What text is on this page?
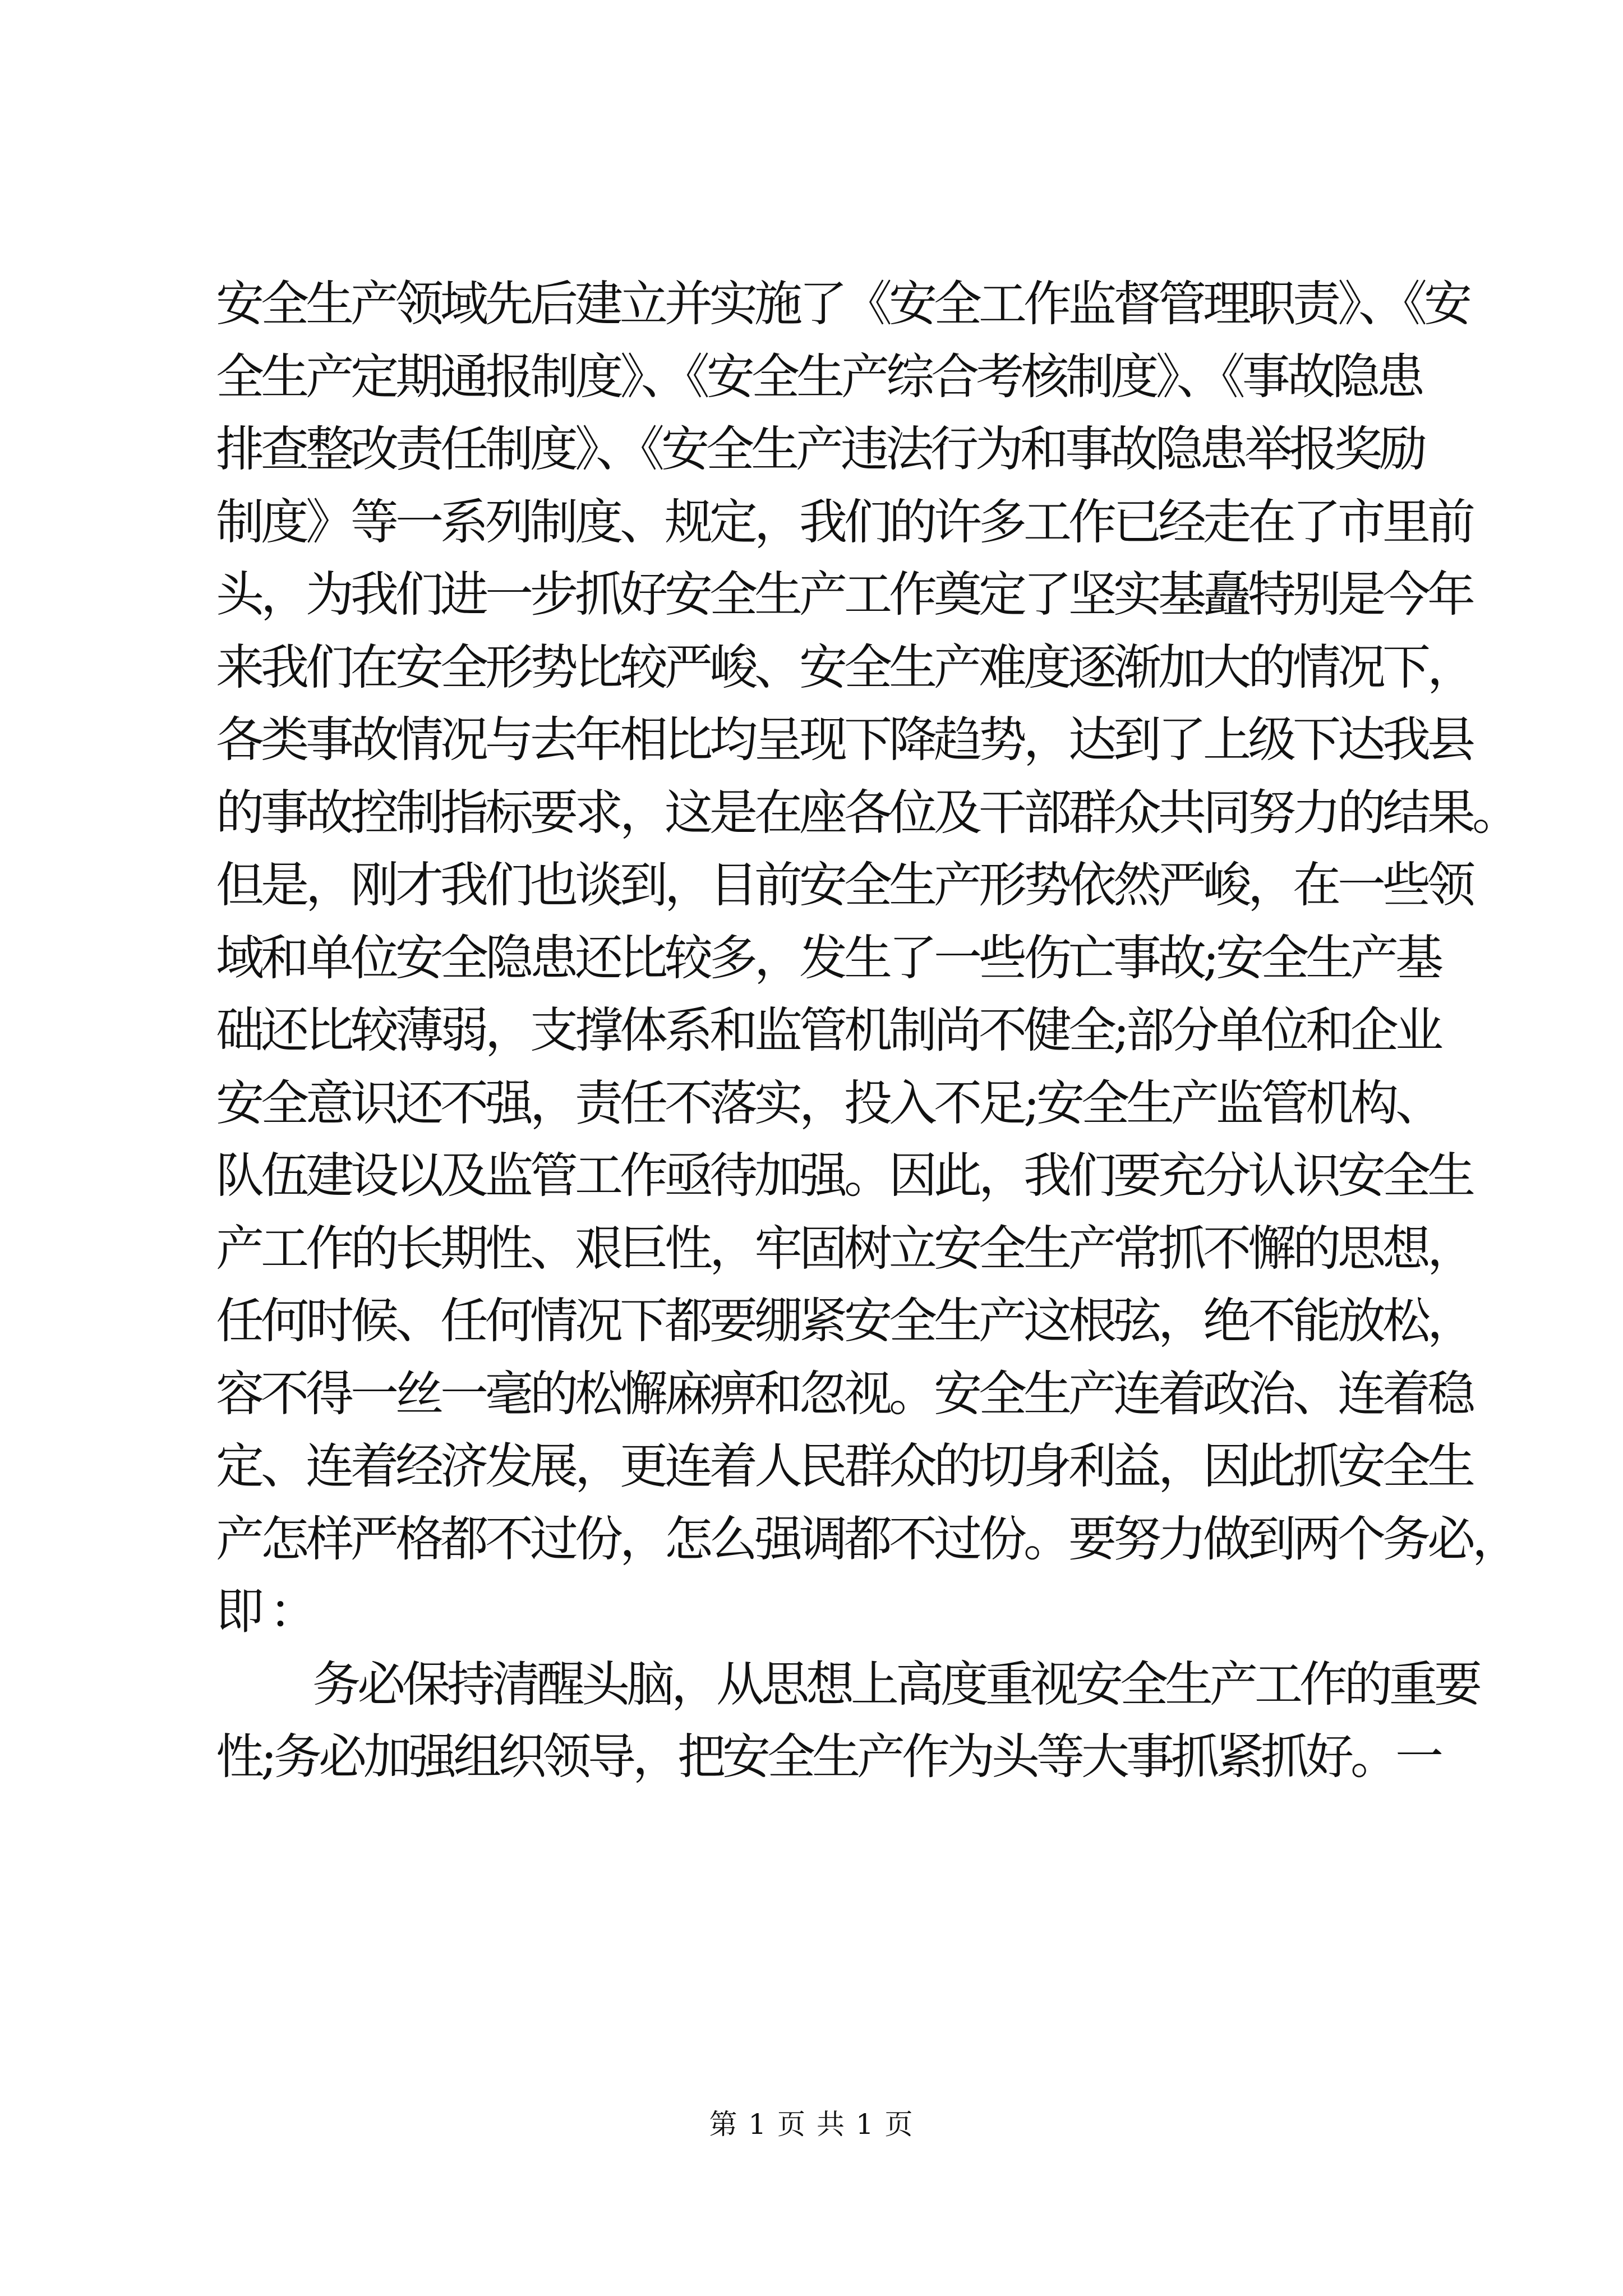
安全生产领域先后建立并实施了《安全工作监督管理职责》、《安
全生产定期通报制度》、《安全生产综合考核制度》、《事故隐患
排查整改责任制度》、《安全生产违法行为和事故隐患举报奖励
制度》等一系列制度、规定，我们的许多工作已经走在了市里前
头，为我们进一步抓好安全生产工作奠定了坚实基矗特别是今年
来我们在安全形势比较严峻、安全生产难度逐渐加大的情况下，
各类事故情况与去年相比均呈现下降趋势，达到了上级下达我县
的事故控制指标要求，这是在座各位及干部群众共同努力的结果。
但是，刚才我们也谈到，目前安全生产形势依然严峻，在一些领
域和单位安全隐患还比较多，发生了一些伤亡事故;安全生产基
础还比较薄弱，支撑体系和监管机制尚不健全;部分单位和企业
安全意识还不强，责任不落实，投入不足;安全生产监管机构、
队伍建设以及监管工作亟待加强。因此，我们要充分认识安全生
产工作的长期性、艰巨性，牢固树立安全生产常抓不懈的思想，
任何时候、任何情况下都要绷紧安全生产这根弦，绝不能放松，
容不得一丝一毫的松懈麻痹和忽视。安全生产连着政治、连着稳
定、连着经济发展，更连着人民群众的切身利益，因此抓安全生
产怎样严格都不过份，怎么强调都不过份。要努力做到两个务必，
即：
务必保持清醒头脑，从思想上高度重视安全生产工作的重要
性;务必加强组织领导，把安全生产作为头等大事抓紧抓好。一
第 1 页 共 1 页
